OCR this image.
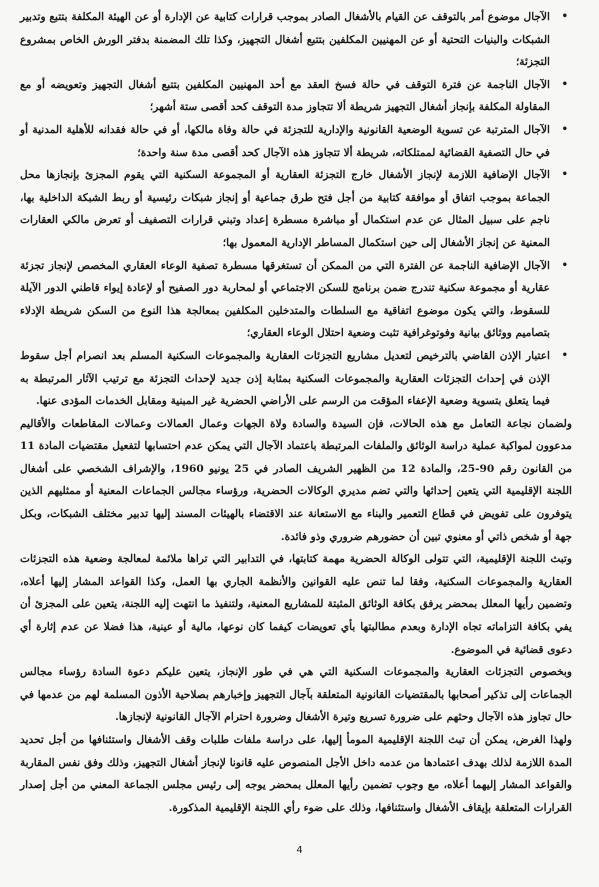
•
الآجال موضوع أمر بالتوقف عن القيام بالأشغال الصادر بموجب قرارات كتابية عن الإدارة أو عن الهيئة المكلفة بتتبع وتدبير الشبكات والبنيات التحتية أو عن المهنيين المكلفين بتتبع أشغال التجهيز، وكذا تلك المضمنة بدفتر الورش الخاص بمشروع التجزئة؛
•
الآجال الناجمة عن فترة التوقف في حالة فسخ العقد مع أحد المهنيين المكلفين بتتبع أشغال التجهيز وتعويضه أو مع المقاولة المكلفة بإنجاز أشغال التجهيز شريطة ألا تتجاوز مدة التوقف كحد أقصى ستة أشهر؛
•
الآجال المترتبة عن تسوية الوضعية القانونية والإدارية للتجزئة في حالة وفاة مالكها، أو في حالة فقدانه للأهلية المدنية أو في حال التصفية القضائية لممتلكاته، شريطة ألا تتجاوز هذه الآجال كحد أقصى مدة سنة واحدة؛
•
الآجال الإضافية اللازمة لإنجاز الأشغال خارج التجزئة العقارية أو المجموعة السكنية التي يقوم المجزئ بإنجازها محل الجماعة بموجب اتفاق أو موافقة كتابية من أجل فتح طرق جماعية أو إنجاز شبكات رئيسية أو ربط الشبكة الداخلية بها، ناجم على سبيل المثال عن عدم استكمال أو مباشرة مسطرة إعداد وتبني قرارات التصفيف أو تعرض مالكي العقارات المعنية عن إنجاز الأشغال إلى حين استكمال المساطر الإدارية المعمول بها؛
•
الآجال الإضافية الناجمة عن الفترة التي من الممكن أن تستغرقها مسطرة تصفية الوعاء العقاري المخصص لإنجاز تجزئة عقارية أو مجموعة سكنية تندرج ضمن برنامج للسكن الاجتماعي أو لمحاربة دور الصفيح أو لإعادة إيواء قاطني الدور الآيلة للسقوط، والتي يكون موضوع اتفاقية مع السلطات والمتدخلين المكلفين بمعالجة هذا النوع من السكن شريطة الإدلاء بتصاميم ووثائق بيانية وفوتوغرافية تثبت وضعية احتلال الوعاء العقاري؛
•
اعتبار الإذن القاضي بالترخيص لتعديل مشاريع التجزئات العقارية والمجموعات السكنية المسلم بعد انصرام أجل سقوط الإذن في إحداث التجزئات العقارية والمجموعات السكنية بمثابة إذن جديد لإحداث التجزئة مع ترتيب الآثار المرتبطة به فيما يتعلق بتسوية وضعية الإعفاء المؤقت من الرسم على الأراضي الحضرية غير المبنية ومقابل الخدمات المؤدى عنها.

ولضمان نجاعة التعامل مع هذه الحالات، فإن السيدة والسادة ولاة الجهات وعمال العمالات وعمالات المقاطعات والأقاليم مدعوون لمواكبة عملية دراسة الوثائق والملفات المرتبطة باعتماد الآجال التي يمكن عدم احتسابها لتفعيل مقتضيات المادة 11 من القانون رقم 90-25، والمادة 12 من الظهير الشريف الصادر في 25 يونيو 1960، والإشراف الشخصي على أشغال اللجنة الإقليمية التي يتعين إحداثها والتي تضم مديري الوكالات الحضرية، ورؤساء مجالس الجماعات المعنية أو ممثليهم الذين يتوفرون على تفويض في قطاع التعمير والبناء مع الاستعانة عند الاقتضاء بالهيئات المسند إليها تدبير مختلف الشبكات، وبكل جهة أو شخص ذاتي أو معنوي تبين أن حضورهم ضروري وذو فائدة.

وتبث اللجنة الإقليمية، التي تتولى الوكالة الحضرية مهمة كتابتها، في التدابير التي تراها ملائمة لمعالجة وضعية هذه التجزئات العقارية والمجموعات السكنية، وفقا لما تنص عليه القوانين والأنظمة الجاري بها العمل، وكذا القواعد المشار إليها أعلاه، وتضمين رأيها المعلل بمحضر يرفق بكافة الوثائق المثبتة للمشاريع المعنية، ولتنفيذ ما انتهت إليه اللجنة، يتعين على المجزئ أن يفي بكافة التزاماته تجاه الإدارة وبعدم مطالبتها بأي تعويضات كيفما كان نوعها، مالية أو عينية، هذا فضلا عن عدم إثارة أي دعوى قضائية في الموضوع.

وبخصوص التجزئات العقارية والمجموعات السكنية التي هي في طور الإنجاز، يتعين عليكم دعوة السادة رؤساء مجالس الجماعات إلى تذكير أصحابها بالمقتضيات القانونية المتعلقة بآجال التجهيز وإخبارهم بصلاحية الأذون المسلمة لهم من عدمها في حال تجاوز هذه الآجال وحثهم على ضرورة تسريع وتيرة الأشغال وضرورة احترام الآجال القانونية لإنجازها.

ولهذا الغرض، يمكن أن تبث اللجنة الإقليمية المومأ إليها، على دراسة ملفات طلبات وقف الأشغال واستئنافها من أجل تحديد المدة اللازمة لذلك بهدف اعتمادها من عدمه داخل الأجل المنصوص عليه قانونا لإنجاز أشغال التجهيز، وذلك وفق نفس المقاربة والقواعد المشار إليهما أعلاه، مع وجوب تضمين رأيها المعلل بمحضر يوجه إلى رئيس مجلس الجماعة المعني من أجل إصدار القرارات المتعلقة بإيقاف الأشغال واستئنافها، وذلك على ضوء رأي اللجنة الإقليمية المذكورة.

4
